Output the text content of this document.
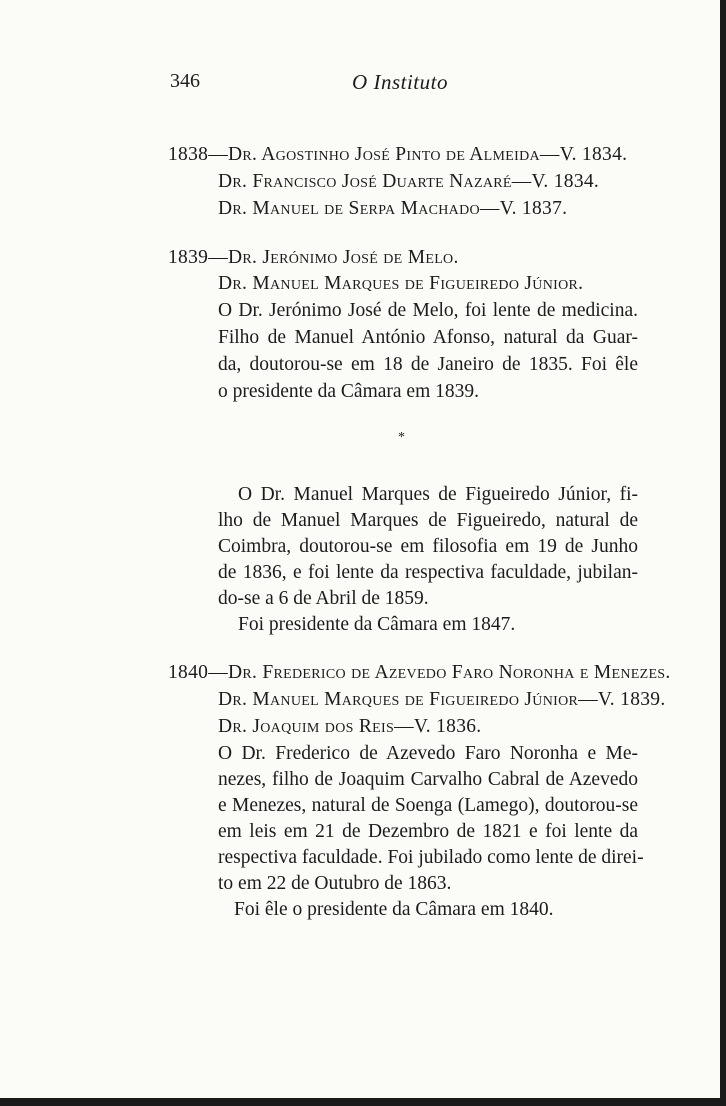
346	O Instituto
1838—Dr. Agostinho José Pinto de Almeida—V. 1834.
Dr. Francisco José Duarte Nazaré—V. 1834.
Dr. Manuel de Serpa Machado—V. 1837.
1839—Dr. Jerónimo José de Melo.
Dr. Manuel Marques de Figueiredo Júnior.
O Dr. Jerónimo José de Melo, foi lente de medicina.
Filho de Manuel António Afonso, natural da Guar-
da, doutorou-se em 18 de Janeiro de 1835. Foi êle
o presidente da Câmara em 1839.
*
O Dr. Manuel Marques de Figueiredo Júnior, fi-
lho de Manuel Marques de Figueiredo, natural de
Coimbra, doutorou-se em filosofia em 19 de Junho
de 1836, e foi lente da respectiva faculdade, jubilan-
do-se a 6 de Abril de 1859.
Foi presidente da Câmara em 1847.
1840—Dr. Frederico de Azevedo Faro Noronha e Menezes.
Dr. Manuel Marques de Figueiredo Júnior—V. 1839.
Dr. Joaquim dos Reis—V. 1836.
O Dr. Frederico de Azevedo Faro Noronha e Me-
nezes, filho de Joaquim Carvalho Cabral de Azevedo
e Menezes, natural de Soenga (Lamego), doutorou-se
em leis em 21 de Dezembro de 1821 e foi lente da
respectiva faculdade. Foi jubilado como lente de direi-
to em 22 de Outubro de 1863.
Foi êle o presidente da Câmara em 1840.
